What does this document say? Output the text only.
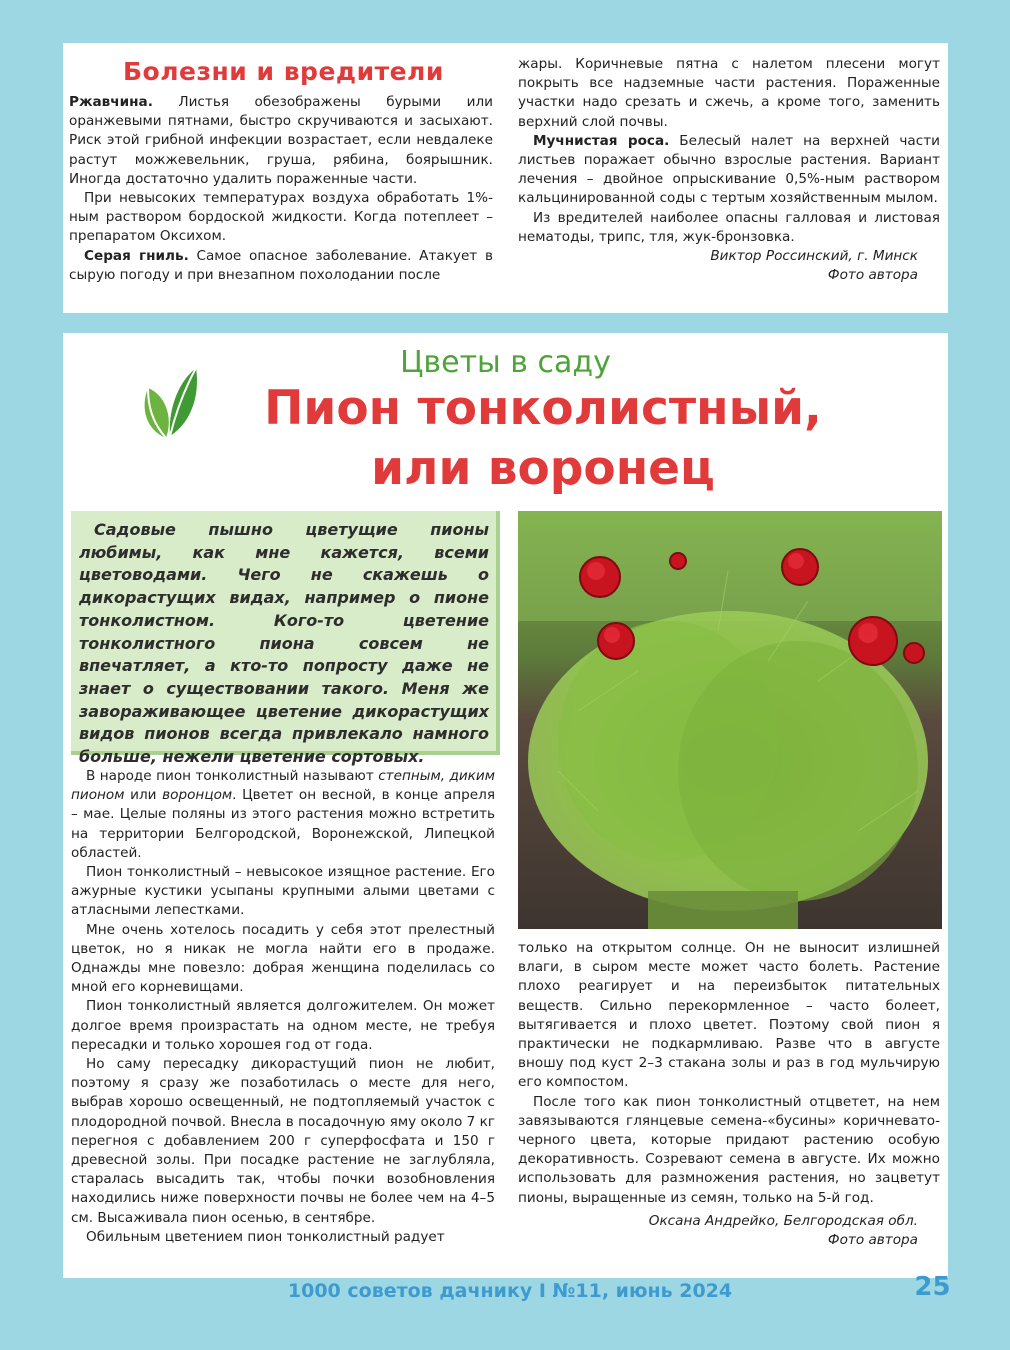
Болезни и вредители

Ржавчина. Листья обезображены бурыми или оранжевыми пятнами, быстро скручиваются и засыхают. Риск этой грибной инфекции возрастает, если невдалеке растут можжевельник, груша, рябина, боярышник. Иногда достаточно удалить пораженные части.

При невысоких температурах воздуха обработать 1%-ным раствором бордоской жидкости. Когда потеплеет – препаратом Оксихом.

Серая гниль. Самое опасное заболевание. Атакует в сырую погоду и при внезапном похолодании после

жары. Коричневые пятна с налетом плесени могут покрыть все надземные части растения. Пораженные участки надо срезать и сжечь, а кроме того, заменить верхний слой почвы.

Мучнистая роса. Белесый налет на верхней части листьев поражает обычно взрослые растения. Вариант лечения – двойное опрыскивание 0,5%-ным раствором кальцинированной соды с тертым хозяйственным мылом.

Из вредителей наиболее опасны галловая и листовая нематоды, трипс, тля, жук-бронзовка.

Виктор Россинский, г. Минск

Фото автора

Цветы в саду
Пион тонколистный,
или воронец

Садовые пышно цветущие пионы любимы, как мне кажется, всеми цветоводами. Чего не скажешь о дикорастущих видах, например о пионе тонколистном. Кого-то цветение тонколистного пиона совсем не впечатляет, а кто-то попросту даже не знает о существовании такого. Меня же завораживающее цветение дикорастущих видов пионов всегда привлекало намного больше, нежели цветение сортовых.

В народе пион тонколистный называют степным, диким пионом или воронцом. Цветет он весной, в конце апреля – мае. Целые поляны из этого растения можно встретить на территории Белгородской, Воронежской, Липецкой областей.

Пион тонколистный – невысокое изящное растение. Его ажурные кустики усыпаны крупными алыми цветами с атласными лепестками.

Мне очень хотелось посадить у себя этот прелестный цветок, но я никак не могла найти его в продаже. Однажды мне повезло: добрая женщина поделилась со мной его корневищами.

Пион тонколистный является долгожителем. Он может долгое время произрастать на одном месте, не требуя пересадки и только хорошея год от года.

Но саму пересадку дикорастущий пион не любит, поэтому я сразу же позаботилась о месте для него, выбрав хорошо освещенный, не подтопляемый участок с плодородной почвой. Внесла в посадочную яму около 7 кг перегноя с добавлением 200 г суперфосфата и 150 г древесной золы. При посадке растение не заглубляла, старалась высадить так, чтобы почки возобновления находились ниже поверхности почвы не более чем на 4–5 см. Высаживала пион осенью, в сентябре.

Обильным цветением пион тонколистный радует

только на открытом солнце. Он не выносит излишней влаги, в сыром месте может часто болеть. Растение плохо реагирует и на переизбыток питательных веществ. Сильно перекормленное – часто болеет, вытягивается и плохо цветет. Поэтому свой пион я практически не подкармливаю. Разве что в августе вношу под куст 2–3 стакана золы и раз в год мульчирую его компостом.

После того как пион тонколистный отцветет, на нем завязываются глянцевые семена-«бусины» коричневато-черного цвета, которые придают растению особую декоративность. Созревают семена в августе. Их можно использовать для размножения растения, но зацветут пионы, выращенные из семян, только на 5-й год.

Оксана Андрейко, Белгородская обл.

Фото автора

1000 советов дачнику I №11, июнь 2024	25
